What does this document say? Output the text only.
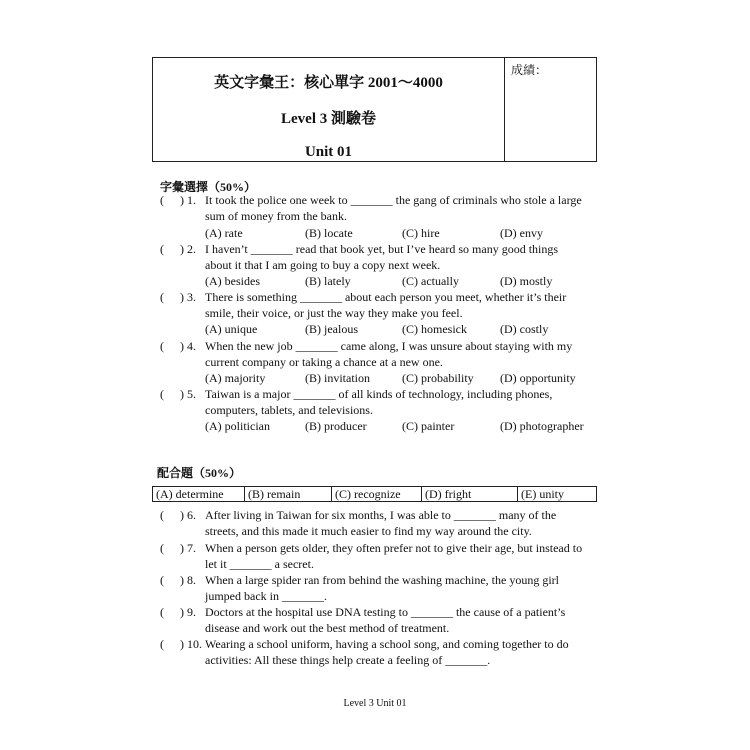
英文字彙王：核心單字 2001～4000
Level 3 測驗卷
Unit 01
成績：
字彙選擇（50%）
( ) 1. It took the police one week to _______ the gang of criminals who stole a large
sum of money from the bank.
(A) rate	(B) locate	(C) hire	(D) envy
( ) 2. I haven’t _______ read that book yet, but I’ve heard so many good things
about it that I am going to buy a copy next week.
(A) besides	(B) lately	(C) actually	(D) mostly
( ) 3. There is something _______ about each person you meet, whether it’s their
smile, their voice, or just the way they make you feel.
(A) unique	(B) jealous	(C) homesick	(D) costly
( ) 4. When the new job _______ came along, I was unsure about staying with my
current company or taking a chance at a new one.
(A) majority	(B) invitation	(C) probability (D) opportunity
( ) 5. Taiwan is a major _______ of all kinds of technology, including phones,
computers, tablets, and televisions.
(A) politician	(B) producer	(C) painter	(D) photographer
配合題（50%）
(A) determine	(B) remain	(C) recognize	(D) fright	(E) unity
( ) 6. After living in Taiwan for six months, I was able to _______ many of the
streets, and this made it much easier to find my way around the city.
( ) 7. When a person gets older, they often prefer not to give their age, but instead to
let it _______ a secret.
( ) 8. When a large spider ran from behind the washing machine, the young girl
jumped back in _______.
( ) 9. Doctors at the hospital use DNA testing to _______ the cause of a patient’s
disease and work out the best method of treatment.
( ) 10. Wearing a school uniform, having a school song, and coming together to do
activities: All these things help create a feeling of _______.
Level 3 Unit 01
